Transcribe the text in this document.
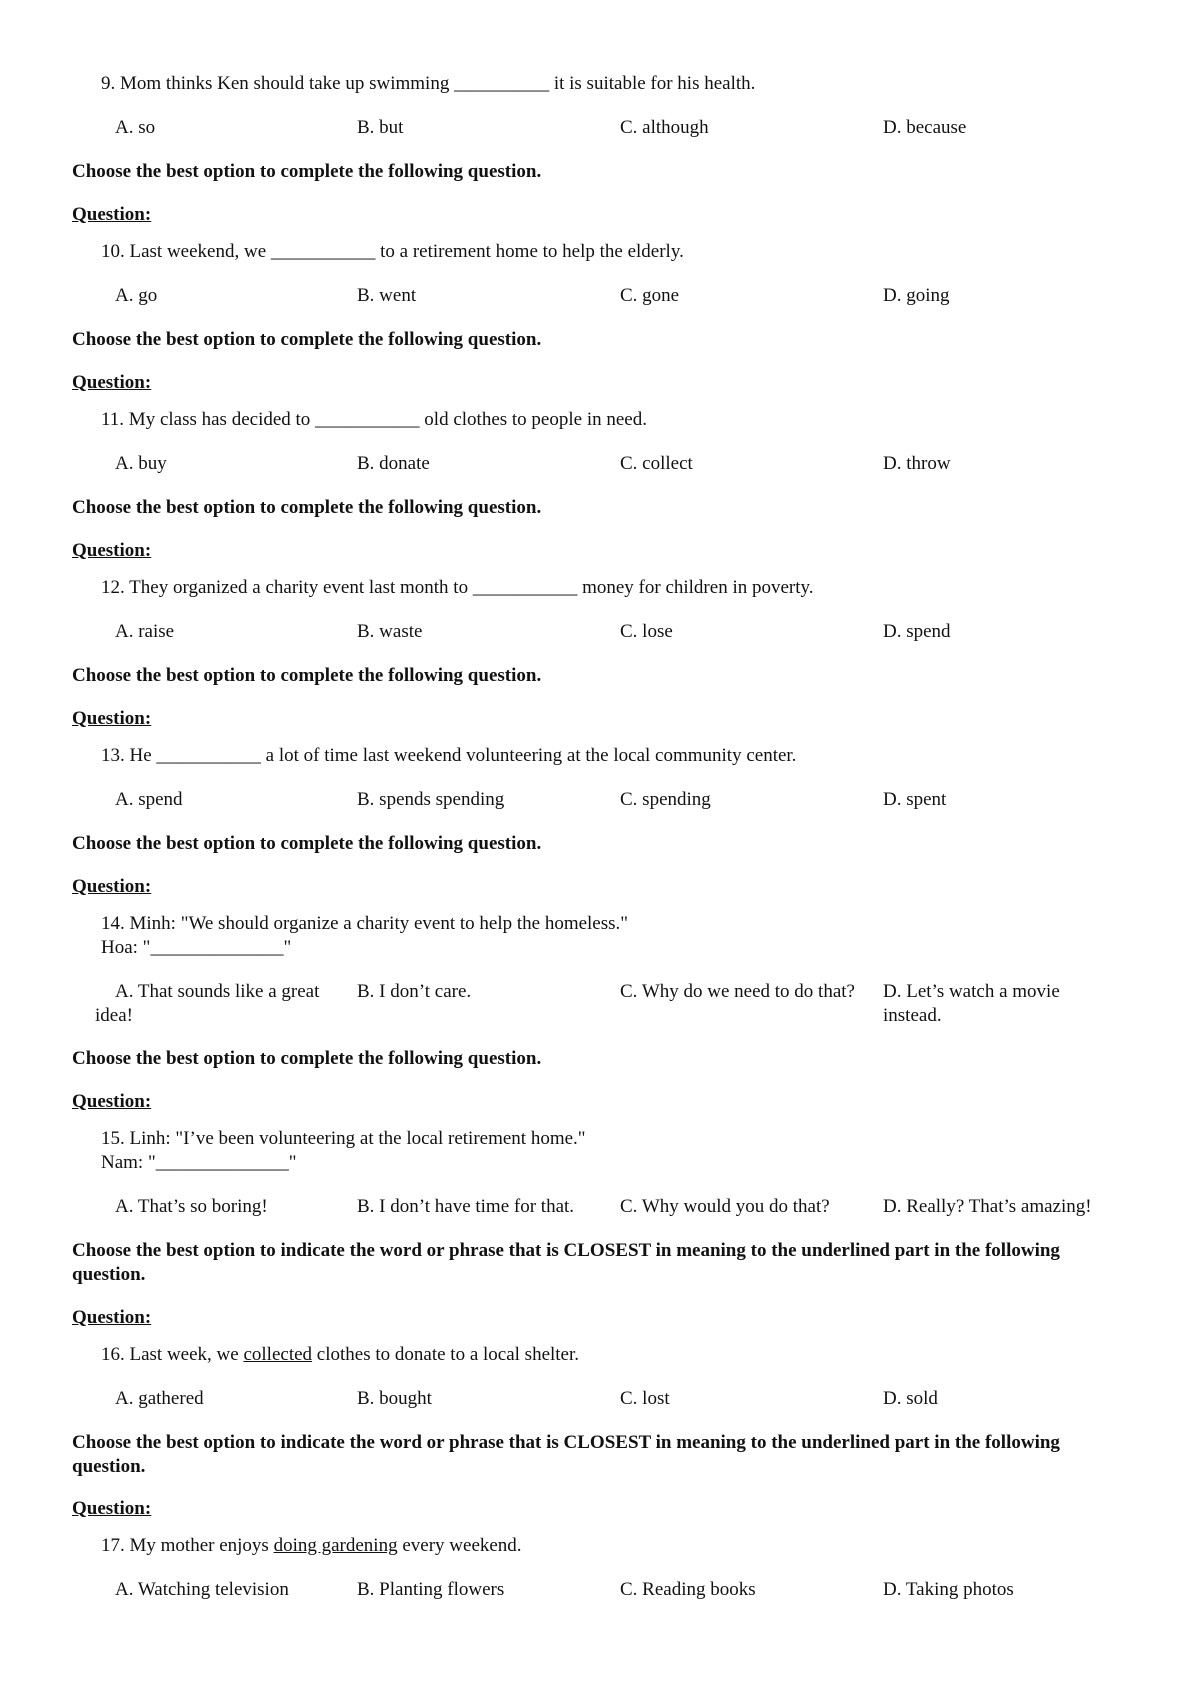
9. Mom thinks Ken should take up swimming __________ it is suitable for his health.
A. so	B. but	C. although	D. because
Choose the best option to complete the following question.
Question:
10. Last weekend, we ___________ to a retirement home to help the elderly.
A. go	B. went	C. gone	D. going
Choose the best option to complete the following question.
Question:
11. My class has decided to ___________ old clothes to people in need.
A. buy	B. donate	C. collect	D. throw
Choose the best option to complete the following question.
Question:
12. They organized a charity event last month to ___________ money for children in poverty.
A. raise	B. waste	C. lose	D. spend
Choose the best option to complete the following question.
Question:
13. He ___________ a lot of time last weekend volunteering at the local community center.
A. spend	B. spends spending	C. spending	D. spent
Choose the best option to complete the following question.
Question:
14. Minh: "We should organize a charity event to help the homeless."
Hoa: "______________"
A. That sounds like a great idea!
B. I don’t care.	C. Why do we need to do that? D. Let’s watch a movie instead.
Choose the best option to complete the following question.
Question:
15. Linh: "I’ve been volunteering at the local retirement home."
Nam: "______________"
A. That’s so boring!	B. I don’t have time for that.	C. Why would you do that?	D. Really? That’s amazing!
Choose the best option to indicate the word or phrase that is CLOSEST in meaning to the underlined part in the following question.
Question:
16. Last week, we collected clothes to donate to a local shelter.
A. gathered	B. bought	C. lost	D. sold
Choose the best option to indicate the word or phrase that is CLOSEST in meaning to the underlined part in the following question.
Question:
17. My mother enjoys doing gardening every weekend.
A. Watching television	B. Planting flowers	C. Reading books	D. Taking photos
